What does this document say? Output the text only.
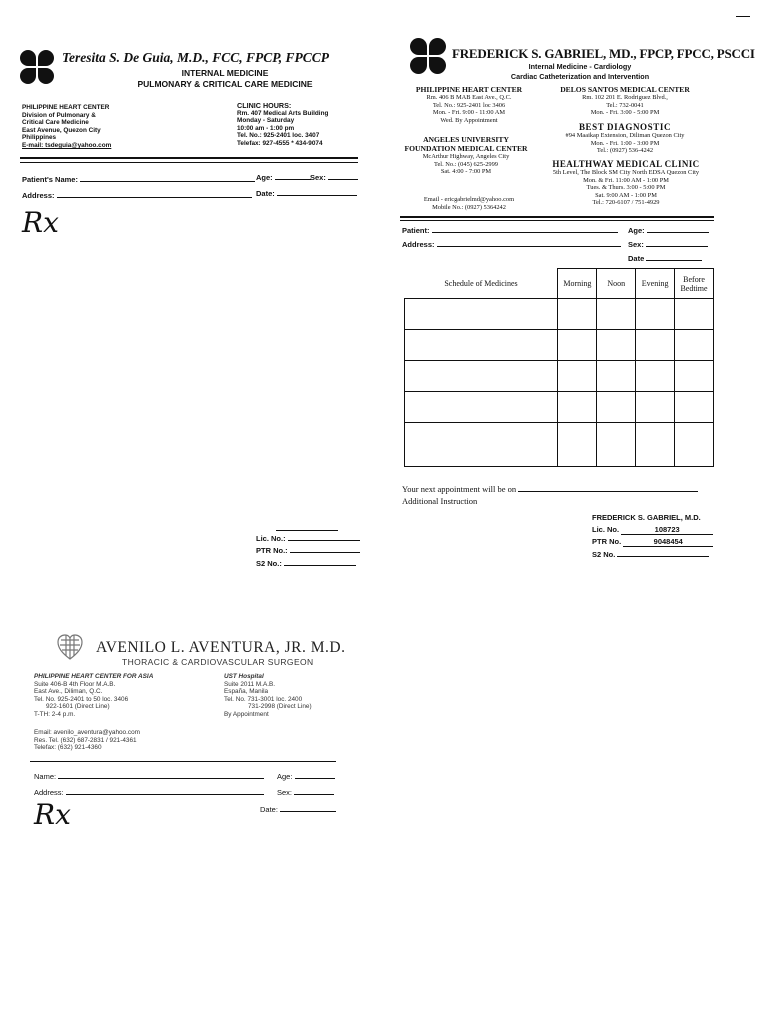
Teresita S. De Guia, M.D., FCC, FPCP, FPCCP
INTERNAL MEDICINE
PULMONARY & CRITICAL CARE MEDICINE
PHILIPPINE HEART CENTER
Division of Pulmonary &
Critical Care Medicine
East Avenue, Quezon City
Philippines
E-mail: tsdeguia@yahoo.com
CLINIC HOURS:
Rm. 407 Medical Arts Building
Monday - Saturday
10:00 am - 1:00 pm
Tel. No.: 925-2401 loc. 3407
Telefax: 927-4555 * 434-9074
Patient's Name:	Age:	Sex:
Address:	Date:
Rx
Lic. No.:
PTR No.:
S2 No.:
FREDERICK S. GABRIEL, MD., FPCP, FPCC, PSCCI
Internal Medicine - Cardiology
Cardiac Catheterization and Intervention
PHILIPPINE HEART CENTER
Rm. 406 B MAB East Ave., Q.C.
Tel. No.: 925-2401 loc 3406
Mon. - Fri. 9:00 - 11:00 AM
Wed. By Appointment
ANGELES UNIVERSITY FOUNDATION MEDICAL CENTER
McArthur Highway, Angeles City
Tel. No.: (045) 625-2999
Sat. 4:00 - 7:00 PM
Email - ericgabrielmd@yahoo.com
Mobile No.: (0927) 5364242
DELOS SANTOS MEDICAL CENTER
Rm. 102 201 E. Rodriguez Blvd.,
Tel.: 732-0041
Mon. - Fri. 3:00 - 5:00 PM
BEST DIAGNOSTIC
#94 Maaikap Extension, Diliman Quezon City
Mon. - Fri. 1:00 - 3:00 PM
Tel.: (0927) 536-4242
HEALTHWAY MEDICAL CLINIC
5th Level, The Block SM City North EDSA Quezon City
Mon. & Fri. 11:00 AM - 1:00 PM
Tues. & Thurs. 3:00 - 5:00 PM
Sat. 9:00 AM - 1:00 PM
Tel.: 720-6107 / 751-4929
Patient:	Age:
Address:	Sex:
Date
Schedule of Medicines	Morning	Noon	Evening	Before Bedtime

Your next appointment will be on
Additional Instruction
FREDERICK S. GABRIEL, M.D.
Lic. No.	108723
PTR No.	9048454
S2 No.
AVENILO L. AVENTURA, JR. M.D.
THORACIC & CARDIOVASCULAR SURGEON
PHILIPPINE HEART CENTER FOR ASIA
Suite 406-B 4th Floor M.A.B.
East Ave., Diliman, Q.C.
Tel. No. 925-2401 to 50 loc. 3406
922-1601 (Direct Line)
T-TH: 2-4 p.m.
UST Hospital
Suite 2011 M.A.B.
España, Manila
Tel. No. 731-3001 loc. 2400
731-2998 (Direct Line)
By Appointment
Email: avenilo_aventura@yahoo.com
Res. Tel. (632) 687-2831 / 921-4361
Telefax: (632) 921-4360
Name:	Age:
Address:	Sex:
Date:
Rx
